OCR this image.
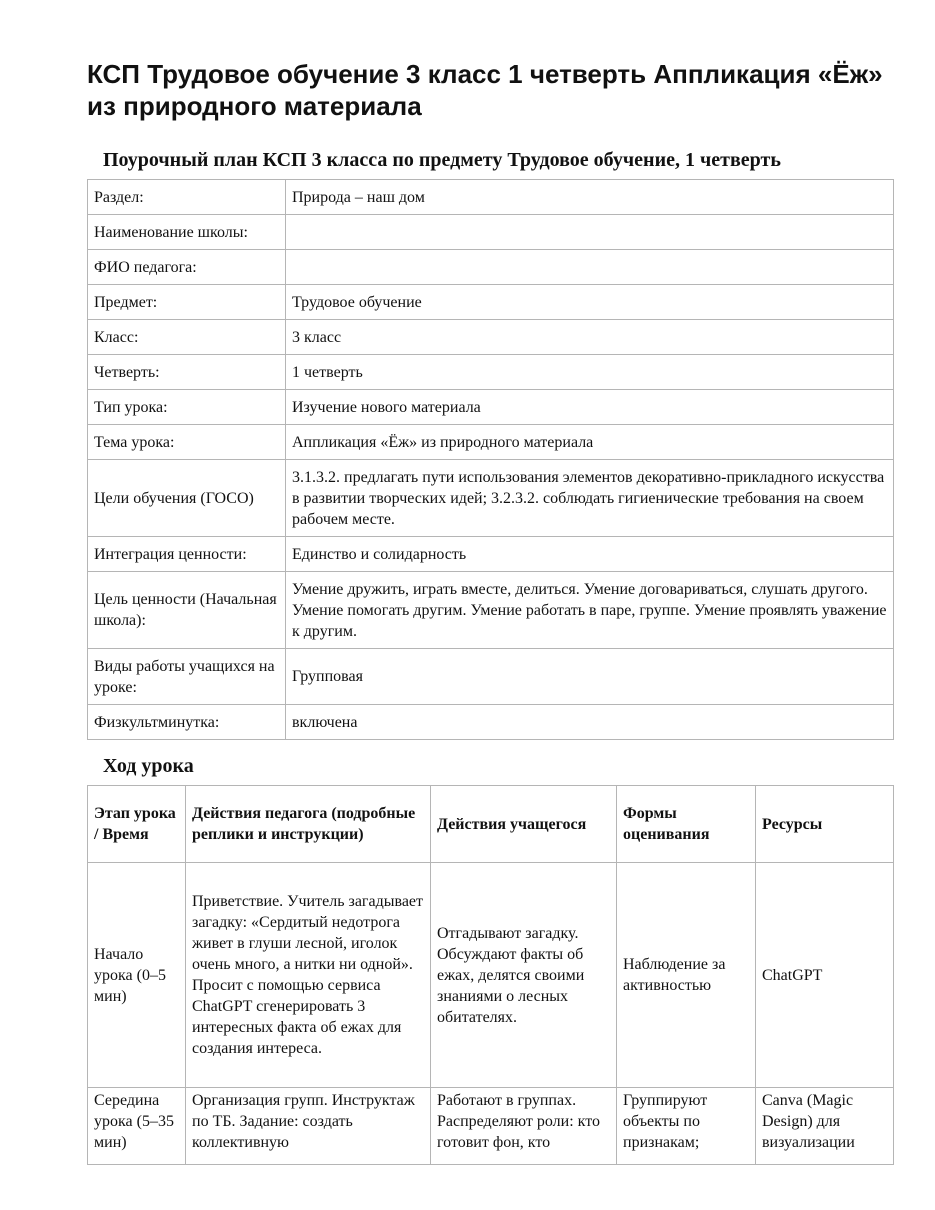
КСП Трудовое обучение 3 класс 1 четверть Аппликация «Ёж» из природного материала
Поурочный план КСП 3 класса по предмету Трудовое обучение, 1 четверть
Раздел:	Природа – наш дом
Наименование школы:	
ФИО педагога:	
Предмет:	Трудовое обучение
Класс:	3 класс
Четверть:	1 четверть
Тип урока:	Изучение нового материала
Тема урока:	Аппликация «Ёж» из природного материала
Цели обучения (ГОСО)	3.1.3.2. предлагать пути использования элементов декоративно-прикладного искусства в развитии творческих идей; 3.2.3.2. соблюдать гигиенические требования на своем рабочем месте.
Интеграция ценности:	Единство и солидарность
Цель ценности (Начальная школа):	Умение дружить, играть вместе, делиться. Умение договариваться, слушать другого. Умение помогать другим. Умение работать в паре, группе. Умение проявлять уважение к другим.
Виды работы учащихся на уроке:	Групповая
Физкультминутка:	включена
Ход урока
Этап урока / Время	Действия педагога (подробные реплики и инструкции)	Действия учащегося	Формы оценивания	Ресурсы
Начало урока (0–5 мин)	Приветствие. Учитель загадывает загадку: «Сердитый недотрога живет в глуши лесной, иголок очень много, а нитки ни одной». Просит с помощью сервиса ChatGPT сгенерировать 3 интересных факта об ежах для создания интереса.	Отгадывают загадку. Обсуждают факты об ежах, делятся своими знаниями о лесных обитателях.	Наблюдение за активностью	ChatGPT
Середина урока (5–35 мин)	Организация групп. Инструктаж по ТБ. Задание: создать коллективную	Работают в группах. Распределяют роли: кто готовит фон, кто	Группируют объекты по признакам;	Canva (Magic Design) для визуализации
